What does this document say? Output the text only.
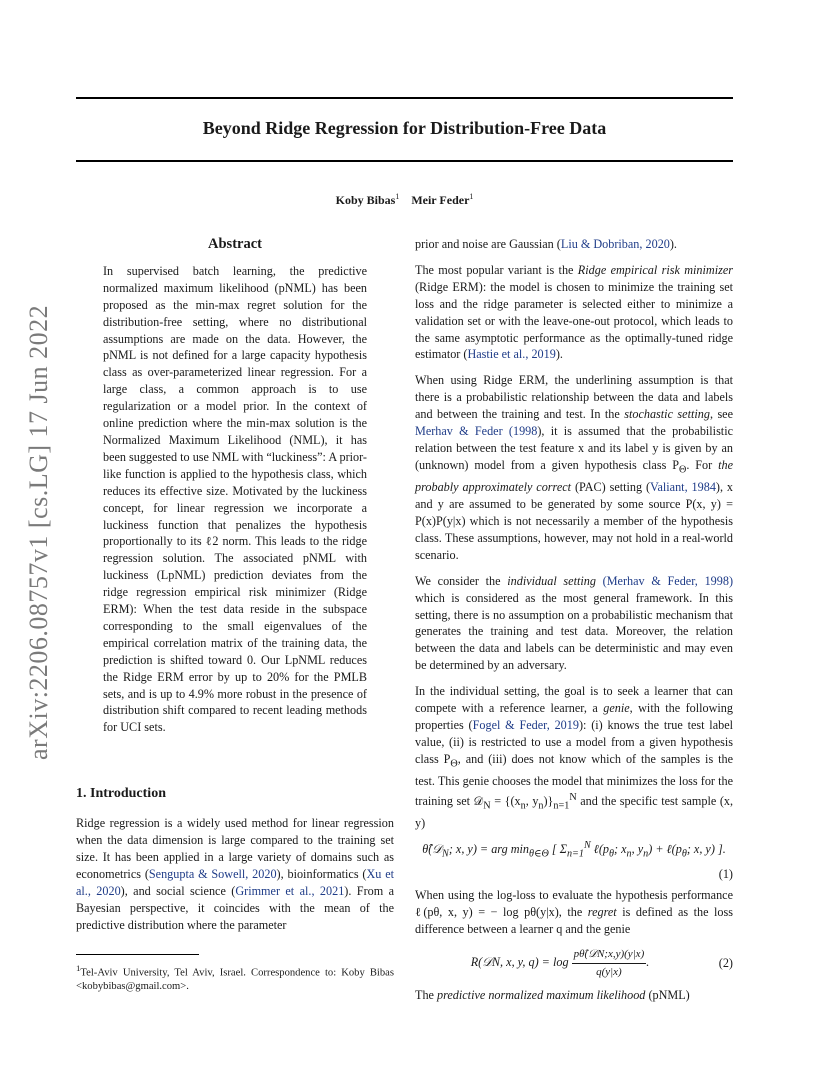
arXiv:2206.08757v1 [cs.LG] 17 Jun 2022
Beyond Ridge Regression for Distribution-Free Data
Koby Bibas$^1$ Meir Feder$^1$
Abstract

In supervised batch learning, the predictive normalized maximum likelihood (pNML) has been proposed as the min-max regret solution for the distribution-free setting, where no distributional assumptions are made on the data. However, the pNML is not defined for a large capacity hypothesis class as over-parameterized linear regression. For a large class, a common approach is to use regularization or a model prior. In the context of online prediction where the min-max solution is the Normalized Maximum Likelihood (NML), it has been suggested to use NML with “luckiness”: A prior-like function is applied to the hypothesis class, which reduces its effective size. Motivated by the luckiness concept, for linear regression we incorporate a luckiness function that penalizes the hypothesis proportionally to its ℓ2 norm. This leads to the ridge regression solution. The associated pNML with luckiness (LpNML) prediction deviates from the ridge regression empirical risk minimizer (Ridge ERM): When the test data reside in the subspace corresponding to the small eigenvalues of the empirical correlation matrix of the training data, the prediction is shifted toward 0. Our LpNML reduces the Ridge ERM error by up to 20% for the PMLB sets, and is up to 4.9% more robust in the presence of distribution shift compared to recent leading methods for UCI sets.

1. Introduction

Ridge regression is a widely used method for linear regression when the data dimension is large compared to the training set size. It has been applied in a large variety of domains such as econometrics (Sengupta & Sowell, 2020), bioinformatics (Xu et al., 2020), and social science (Grimmer et al., 2021). From a Bayesian perspective, it coincides with the mean of the predictive distribution where the parameter

$^1$Tel-Aviv University, Tel Aviv, Israel. Correspondence to: Koby Bibas <kobybibas@gmail.com>.

prior and noise are Gaussian (Liu & Dobriban, 2020).

The most popular variant is the Ridge empirical risk minimizer (Ridge ERM): the model is chosen to minimize the training set loss and the ridge parameter is selected either to minimize a validation set or with the leave-one-out protocol, which leads to the same asymptotic performance as the optimally-tuned ridge estimator (Hastie et al., 2019).

When using Ridge ERM, the underlining assumption is that there is a probabilistic relationship between the data and labels and between the training and test. In the stochastic setting, see Merhav & Feder (1998), it is assumed that the probabilistic relation between the test feature x and its label y is given by an (unknown) model from a given hypothesis class $P_\Theta$. For the probably approximately correct (PAC) setting (Valiant, 1984), x and y are assumed to be generated by some source P(x, y) = P(x)P(y|x) which is not necessarily a member of the hypothesis class. These assumptions, however, may not hold in a real-world scenario.

We consider the individual setting (Merhav & Feder, 1998) which is considered as the most general framework. In this setting, there is no assumption on a probabilistic mechanism that generates the training and test data. Moreover, the relation between the data and labels can be deterministic and may even be determined by an adversary.

In the individual setting, the goal is to seek a learner that can compete with a reference learner, a genie, with the following properties (Fogel & Feder, 2019): (i) knows the true test label value, (ii) is restricted to use a model from a given hypothesis class $P_\Theta$, and (iii) does not know which of the samples is the test. This genie chooses the model that minimizes the loss for the training set 𝒟$_N$ = {($x_n$, $y_n)\}_{n=1}^N$ and the specific test sample (x, y)

θ̂(𝒟$_N$; x, y) = arg $\min_{\theta\in\Theta}$ [ $\Sigma_{n=1}^N$ $\ell(p_\theta$; $x_n$, $y_n$) + $\ell(p_\theta$; x, y) ].
(1)

When using the log-loss to evaluate the hypothesis performance ℓ(pθ, x, y) = − log pθ(y|x), the regret is defined as the loss difference between a learner q and the genie

R(𝒟N, x, y, $q) = \log \frac{\text{pθ̂(𝒟N;x,y)(y|x)}}{q(y|x)}$ .	(2)

The predictive normalized maximum likelihood (pNML)
